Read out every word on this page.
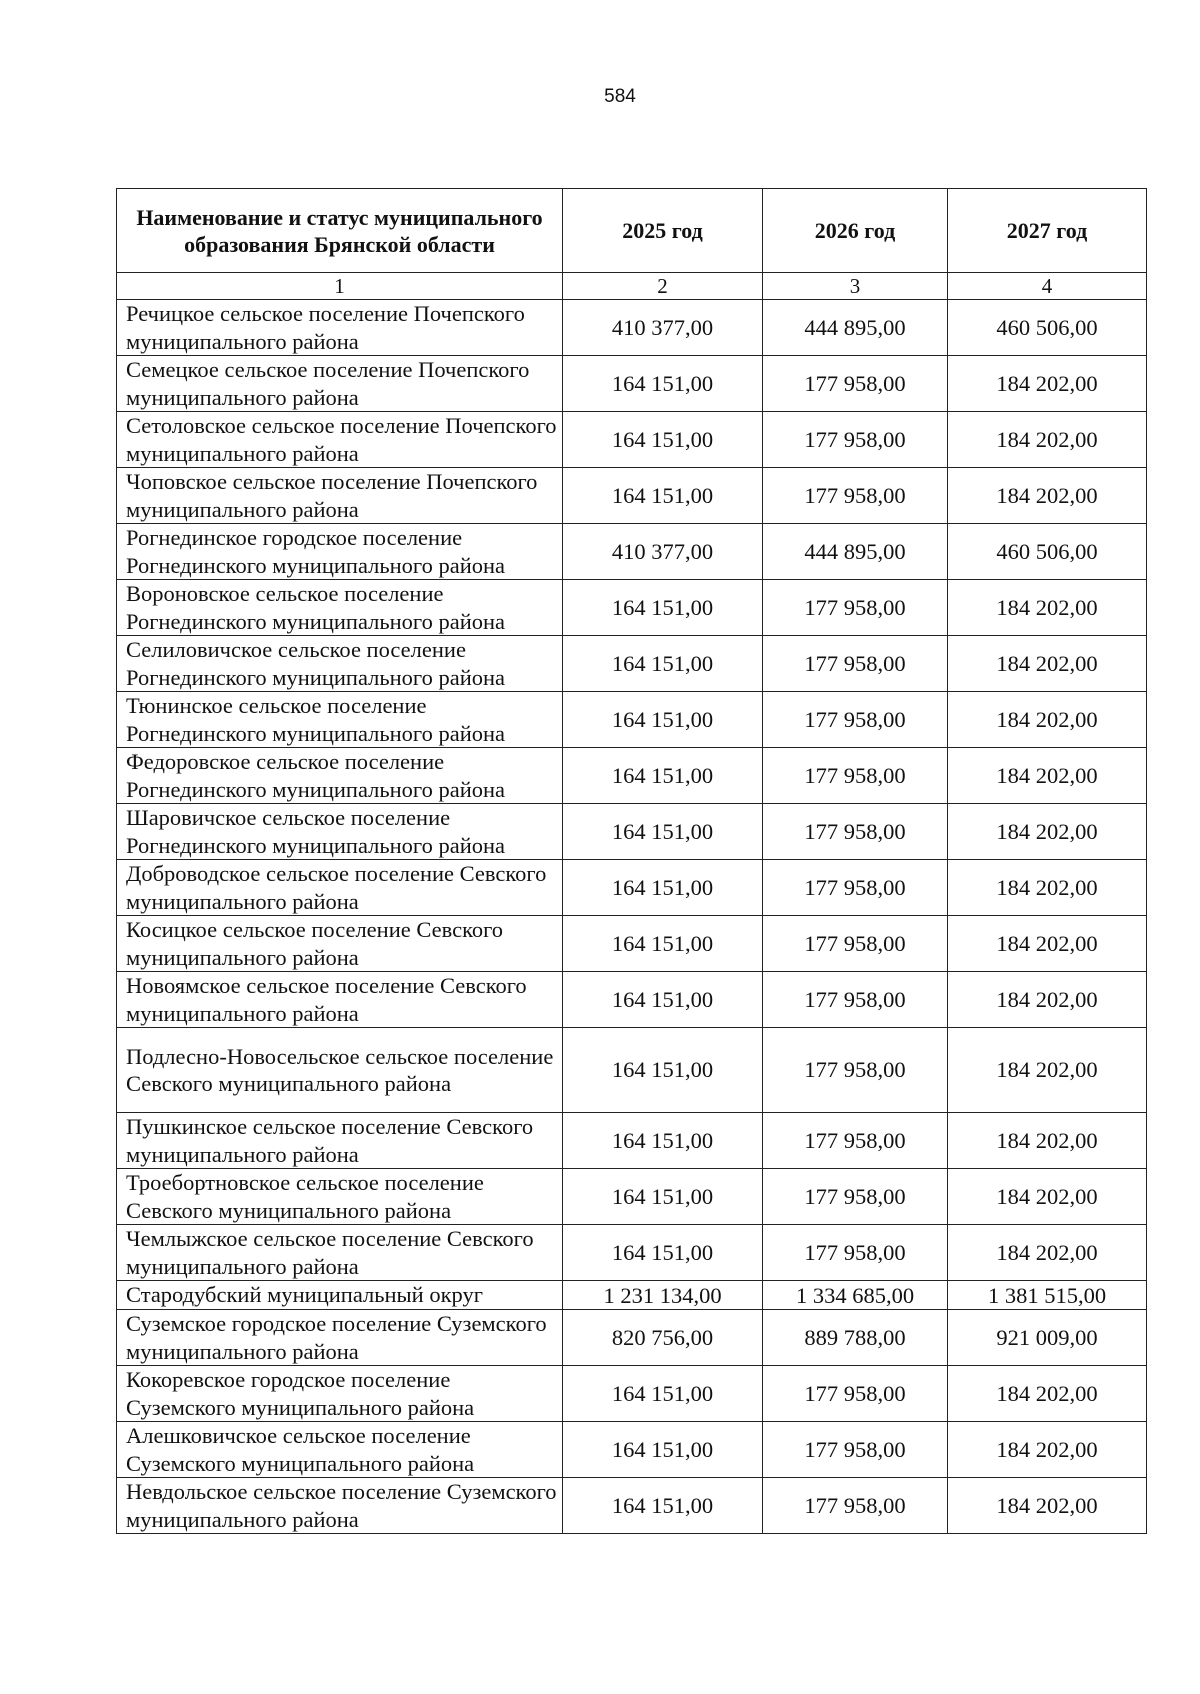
584
Наименование и статус муниципального образования Брянской области	2025 год	2026 год	2027 год
1	2	3	4
Речицкое сельское поселение Почепского муниципального района	410 377,00	444 895,00	460 506,00
Семецкое сельское поселение Почепского муниципального района	164 151,00	177 958,00	184 202,00
Сетоловское сельское поселение Почепского муниципального района	164 151,00	177 958,00	184 202,00
Чоповское сельское поселение Почепского муниципального района	164 151,00	177 958,00	184 202,00
Рогнединское городское поселение Рогнединского муниципального района	410 377,00	444 895,00	460 506,00
Вороновское сельское поселение Рогнединского муниципального района	164 151,00	177 958,00	184 202,00
Селиловичское сельское поселение Рогнединского муниципального района	164 151,00	177 958,00	184 202,00
Тюнинское сельское поселение Рогнединского муниципального района	164 151,00	177 958,00	184 202,00
Федоровское сельское поселение Рогнединского муниципального района	164 151,00	177 958,00	184 202,00
Шаровичское сельское поселение Рогнединского муниципального района	164 151,00	177 958,00	184 202,00
Доброводское сельское поселение Севского муниципального района	164 151,00	177 958,00	184 202,00
Косицкое сельское поселение Севского муниципального района	164 151,00	177 958,00	184 202,00
Новоямское сельское поселение Севского муниципального района	164 151,00	177 958,00	184 202,00
Подлесно-Новосельское сельское поселение Севского муниципального района	164 151,00	177 958,00	184 202,00
Пушкинское сельское поселение Севского муниципального района	164 151,00	177 958,00	184 202,00
Троебортновское сельское поселение Севского муниципального района	164 151,00	177 958,00	184 202,00
Чемлыжское сельское поселение Севского муниципального района	164 151,00	177 958,00	184 202,00
Стародубский муниципальный округ	1 231 134,00	1 334 685,00	1 381 515,00
Суземское городское поселение Суземского муниципального района	820 756,00	889 788,00	921 009,00
Кокоревское городское поселение Суземского муниципального района	164 151,00	177 958,00	184 202,00
Алешковичское сельское поселение Суземского муниципального района	164 151,00	177 958,00	184 202,00
Невдольское сельское поселение Суземского муниципального района	164 151,00	177 958,00	184 202,00
